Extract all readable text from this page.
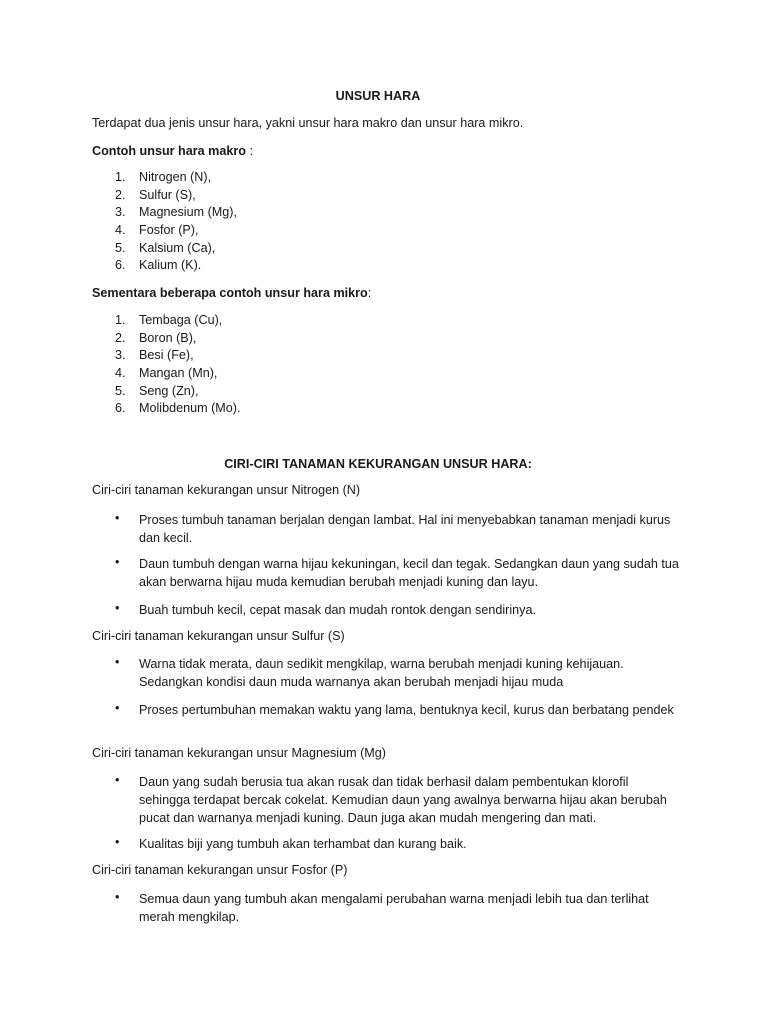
UNSUR HARA
Terdapat dua jenis unsur hara, yakni unsur hara makro dan unsur hara mikro.
Contoh unsur hara makro :
1.	Nitrogen (N),
2.	Sulfur (S),
3.	Magnesium (Mg),
4.	Fosfor (P),
5.	Kalsium (Ca),
6.	Kalium (K).
Sementara beberapa contoh unsur hara mikro:
1.	Tembaga (Cu),
2.	Boron (B),
3.	Besi (Fe),
4.	Mangan (Mn),
5.	Seng (Zn),
6.	Molibdenum (Mo).
CIRI-CIRI TANAMAN KEKURANGAN UNSUR HARA:
Ciri-ciri tanaman kekurangan unsur Nitrogen (N)
• Proses tumbuh tanaman berjalan dengan lambat. Hal ini menyebabkan tanaman menjadi kurus dan kecil.
• Daun tumbuh dengan warna hijau kekuningan, kecil dan tegak. Sedangkan daun yang sudah tua akan berwarna hijau muda kemudian berubah menjadi kuning dan layu.
• Buah tumbuh kecil, cepat masak dan mudah rontok dengan sendirinya.
Ciri-ciri tanaman kekurangan unsur Sulfur (S)
• Warna tidak merata, daun sedikit mengkilap, warna berubah menjadi kuning kehijauan. Sedangkan kondisi daun muda warnanya akan berubah menjadi hijau muda
• Proses pertumbuhan memakan waktu yang lama, bentuknya kecil, kurus dan berbatang pendek
Ciri-ciri tanaman kekurangan unsur Magnesium (Mg)
• Daun yang sudah berusia tua akan rusak dan tidak berhasil dalam pembentukan klorofil sehingga terdapat bercak cokelat. Kemudian daun yang awalnya berwarna hijau akan berubah pucat dan warnanya menjadi kuning. Daun juga akan mudah mengering dan mati.
• Kualitas biji yang tumbuh akan terhambat dan kurang baik.
Ciri-ciri tanaman kekurangan unsur Fosfor (P)
• Semua daun yang tumbuh akan mengalami perubahan warna menjadi lebih tua dan terlihat merah mengkilap.
